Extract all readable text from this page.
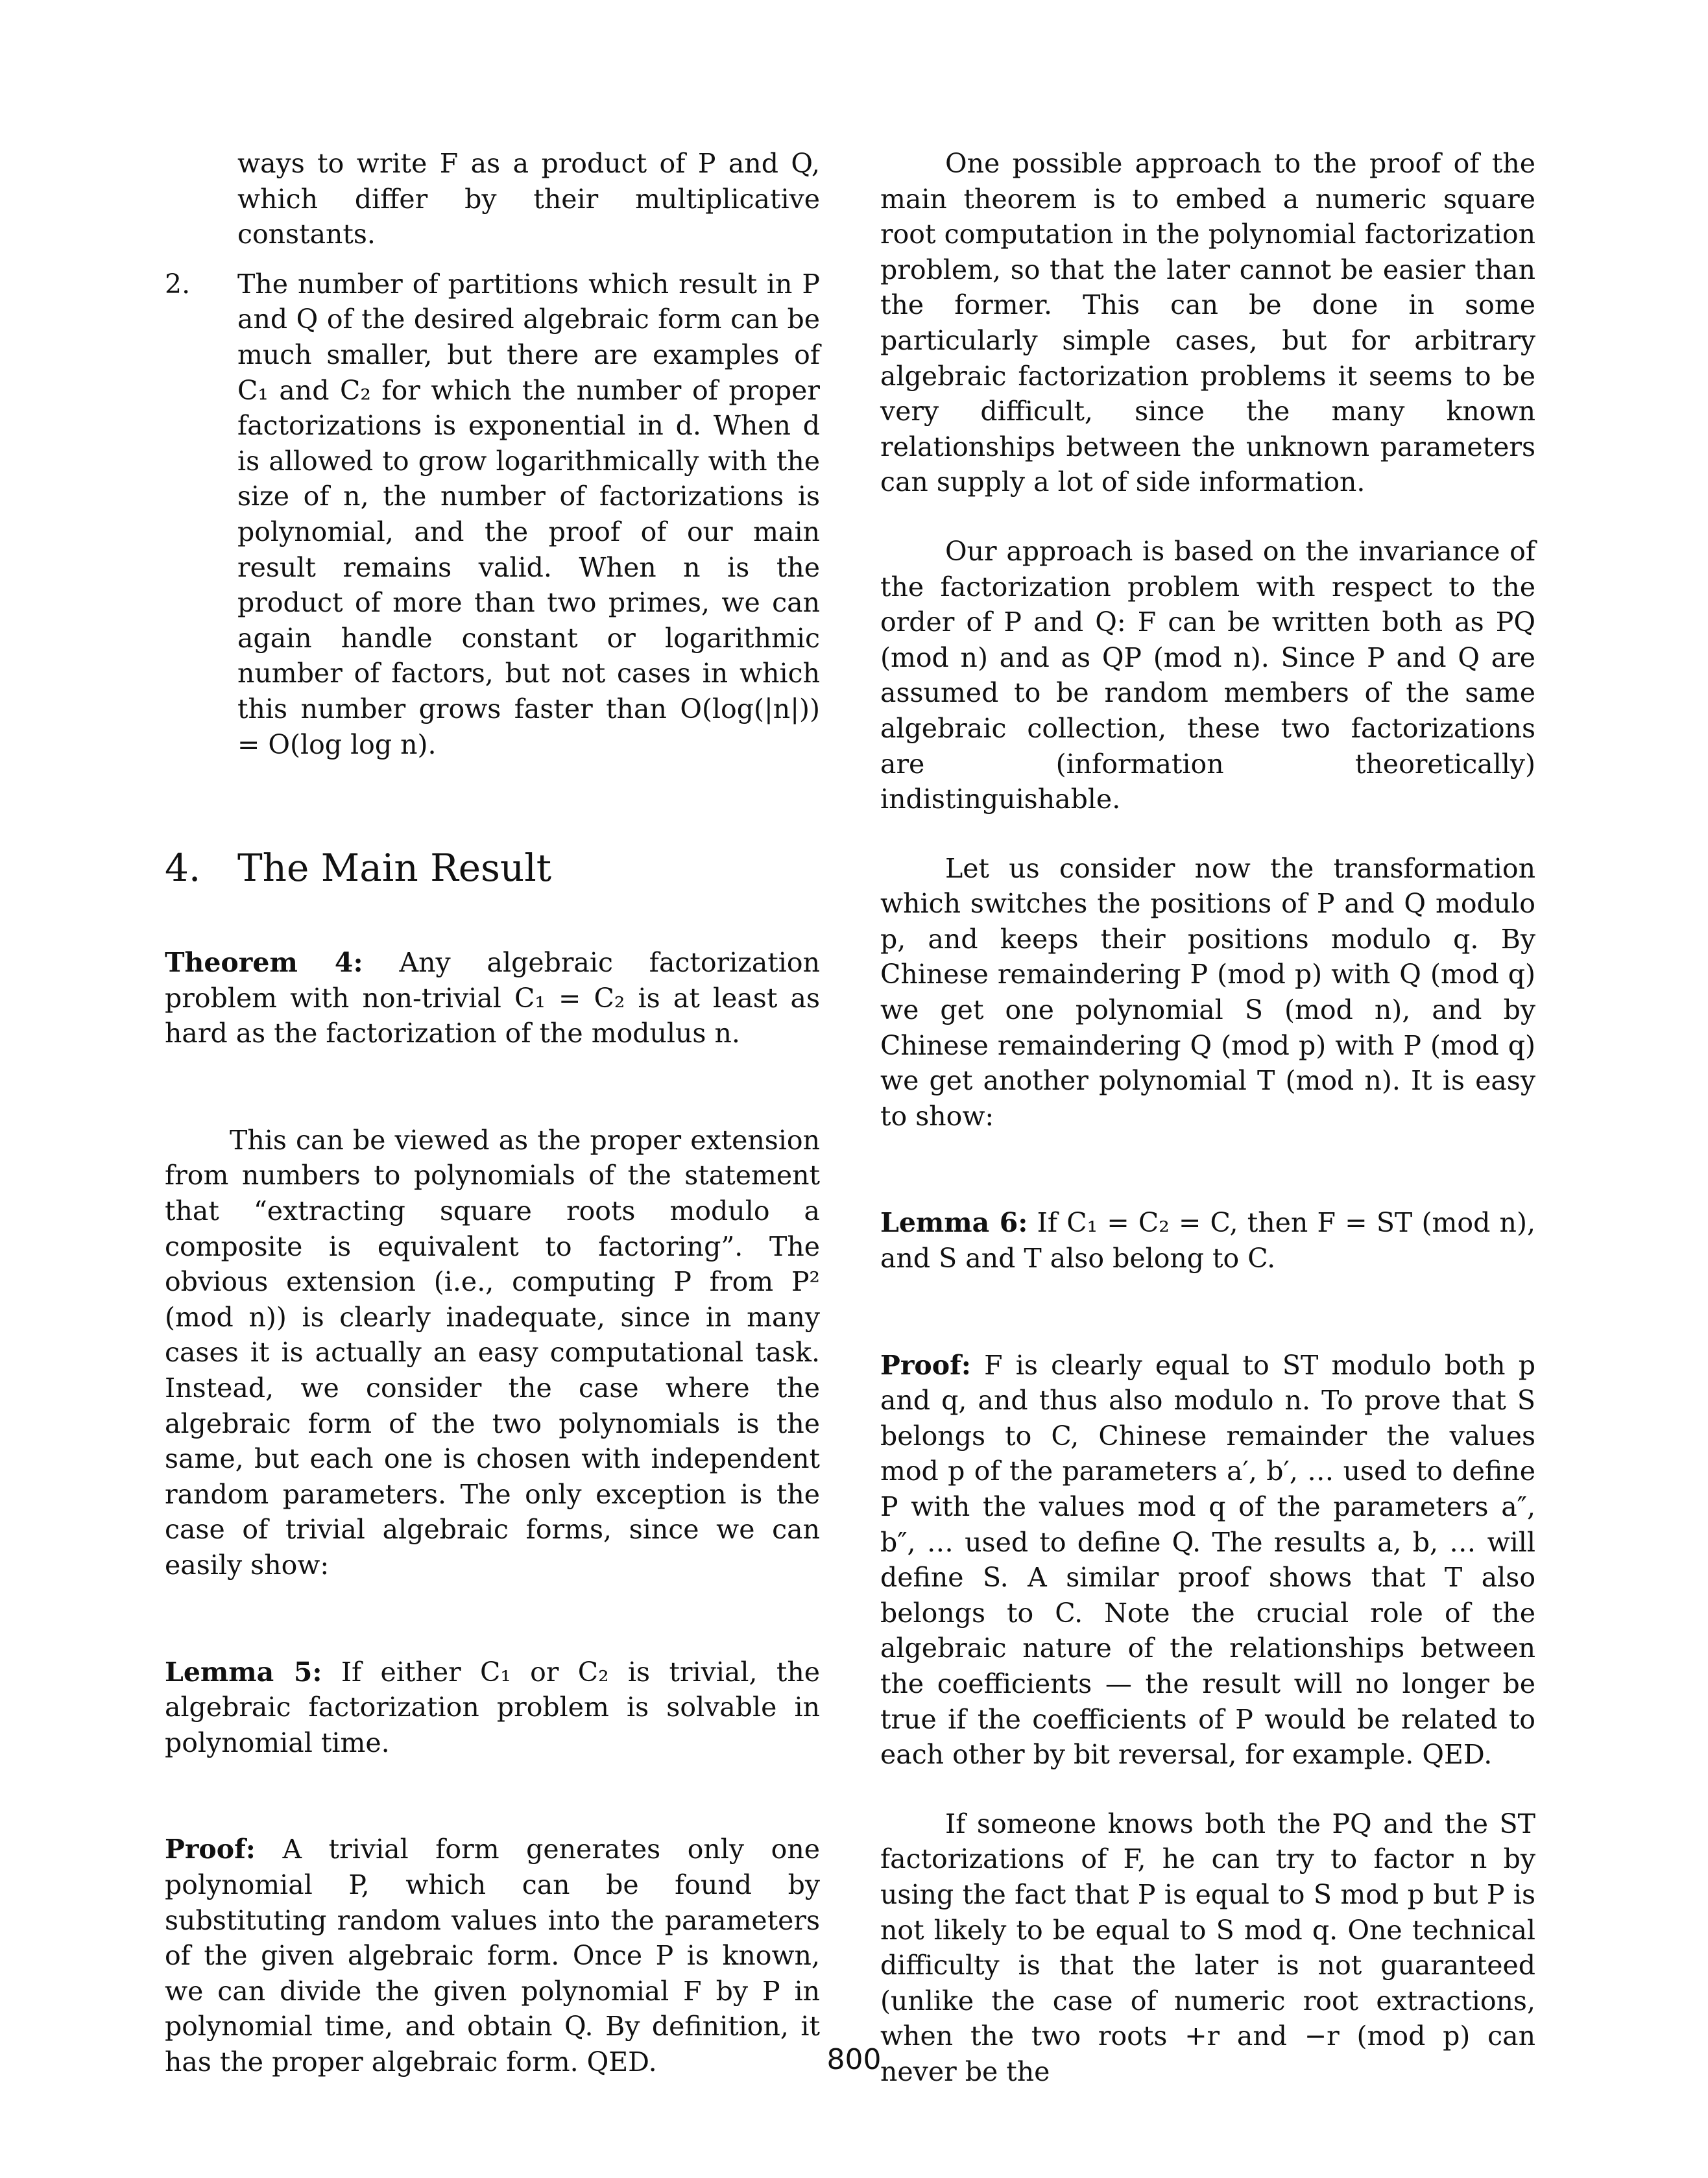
ways to write F as a product of P and Q, which differ by their multiplicative constants.

2. The number of partitions which result in P and Q of the desired algebraic form can be much smaller, but there are examples of C₁ and C₂ for which the number of proper factorizations is exponential in d. When d is allowed to grow logarithmically with the size of n, the number of factorizations is polynomial, and the proof of our main result remains valid. When n is the product of more than two primes, we can again handle constant or logarithmic number of factors, but not cases in which this number grows faster than O(log(|n|)) = O(log log n).

4. The Main Result

Theorem 4: Any algebraic factorization problem with non-trivial C₁ = C₂ is at least as hard as the factorization of the modulus n.

This can be viewed as the proper extension from numbers to polynomials of the statement that “extracting square roots modulo a composite is equivalent to factoring”. The obvious extension (i.e., computing P from P² (mod n)) is clearly inadequate, since in many cases it is actually an easy computational task. Instead, we consider the case where the algebraic form of the two polynomials is the same, but each one is chosen with independent random parameters. The only exception is the case of trivial algebraic forms, since we can easily show:

Lemma 5: If either C₁ or C₂ is trivial, the algebraic factorization problem is solvable in polynomial time.

Proof: A trivial form generates only one polynomial P, which can be found by substituting random values into the parameters of the given algebraic form. Once P is known, we can divide the given polynomial F by P in polynomial time, and obtain Q. By definition, it has the proper algebraic form. QED.

One possible approach to the proof of the main theorem is to embed a numeric square root computation in the polynomial factorization problem, so that the later cannot be easier than the former. This can be done in some particularly simple cases, but for arbitrary algebraic factorization problems it seems to be very difficult, since the many known relationships between the unknown parameters can supply a lot of side information.

Our approach is based on the invariance of the factorization problem with respect to the order of P and Q: F can be written both as PQ (mod n) and as QP (mod n). Since P and Q are assumed to be random members of the same algebraic collection, these two factorizations are (information theoretically) indistinguishable.

Let us consider now the transformation which switches the positions of P and Q modulo p, and keeps their positions modulo q. By Chinese remaindering P (mod p) with Q (mod q) we get one polynomial S (mod n), and by Chinese remaindering Q (mod p) with P (mod q) we get another polynomial T (mod n). It is easy to show:

Lemma 6: If C₁ = C₂ = C, then F = ST (mod n), and S and T also belong to C.

Proof: F is clearly equal to ST modulo both p and q, and thus also modulo n. To prove that S belongs to C, Chinese remainder the values mod p of the parameters a′, b′, … used to define P with the values mod q of the parameters a″, b″, … used to define Q. The results a, b, … will define S. A similar proof shows that T also belongs to C. Note the crucial role of the algebraic nature of the relationships between the coefficients — the result will no longer be true if the coefficients of P would be related to each other by bit reversal, for example. QED.

If someone knows both the PQ and the ST factorizations of F, he can try to factor n by using the fact that P is equal to S mod p but P is not likely to be equal to S mod q. One technical difficulty is that the later is not guaranteed (unlike the case of numeric root extractions, when the two roots +r and −r (mod p) can never be the

800
